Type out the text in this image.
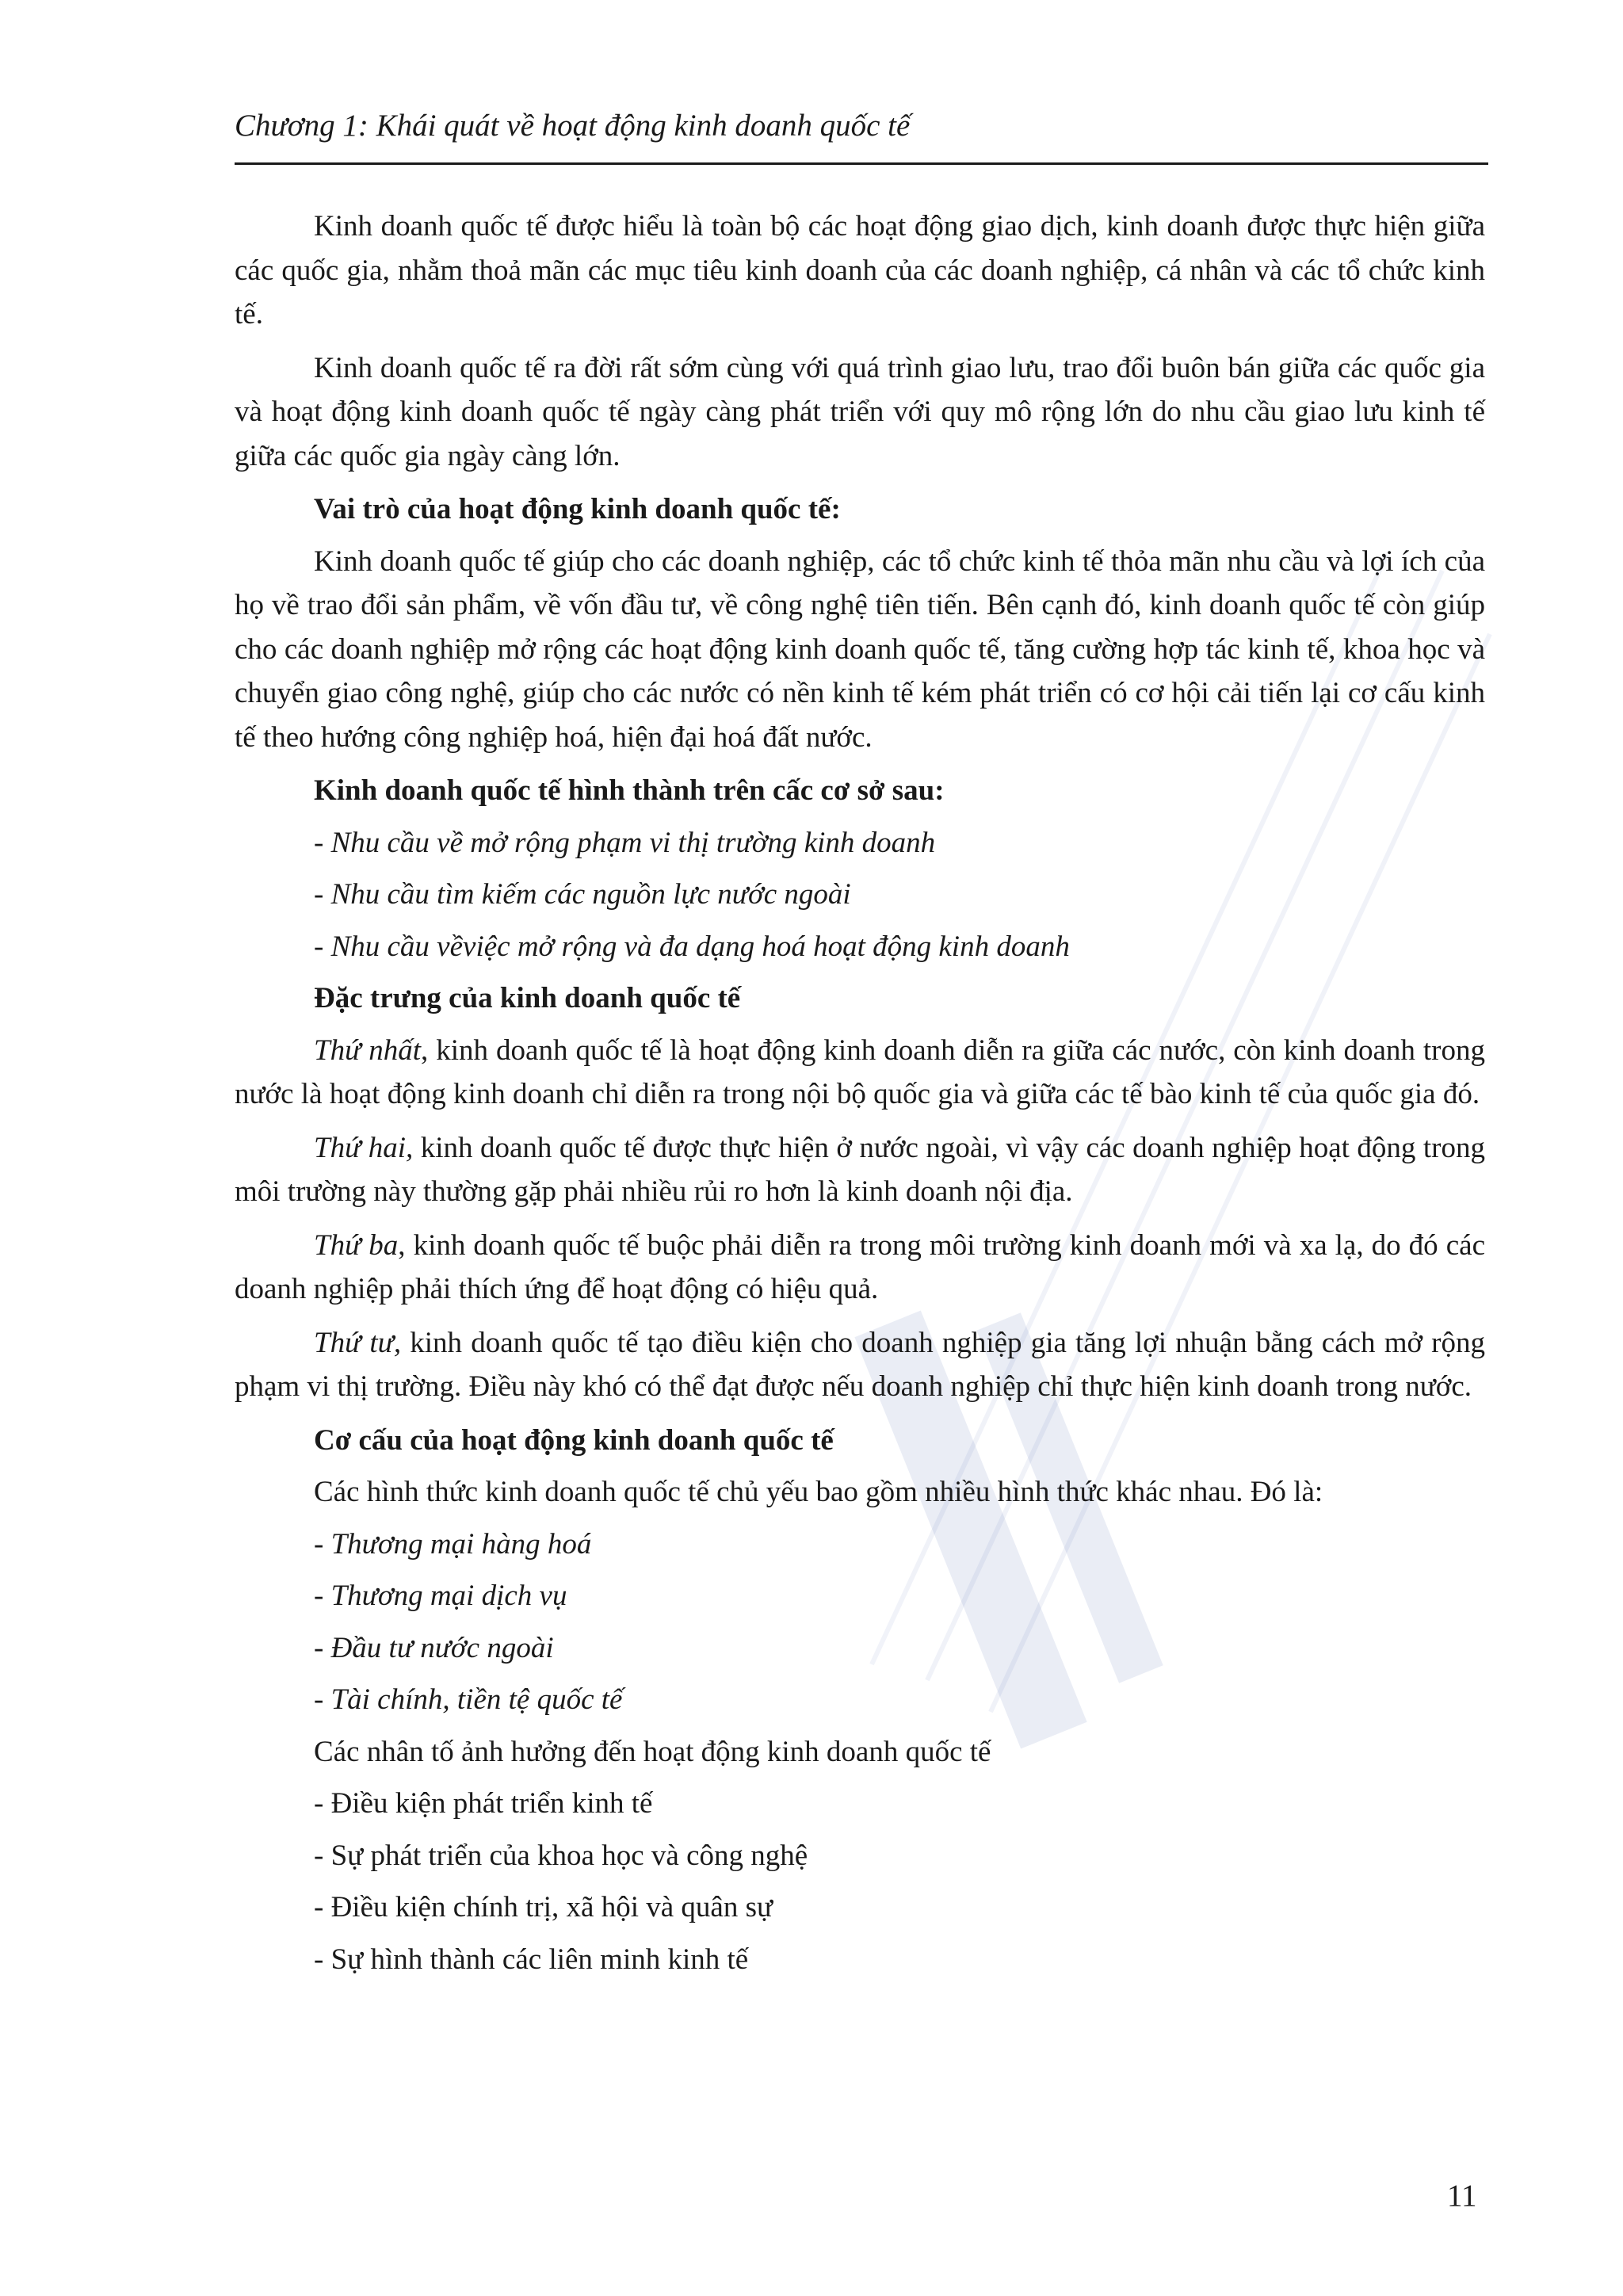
Chương 1: Khái quát về hoạt động kinh doanh quốc tế

Kinh doanh quốc tế được hiểu là toàn bộ các hoạt động giao dịch, kinh doanh được thực hiện giữa các quốc gia, nhằm thoả mãn các mục tiêu kinh doanh của các doanh nghiệp, cá nhân và các tổ chức kinh tế.

Kinh doanh quốc tế ra đời rất sớm cùng với quá trình giao lưu, trao đổi buôn bán giữa các quốc gia và hoạt động kinh doanh quốc tế ngày càng phát triển với quy mô rộng lớn do nhu cầu giao lưu kinh tế giữa các quốc gia ngày càng lớn.

Vai trò của hoạt động kinh doanh quốc tế:

Kinh doanh quốc tế giúp cho các doanh nghiệp, các tổ chức kinh tế thỏa mãn nhu cầu và lợi ích của họ về trao đổi sản phẩm, về vốn đầu tư, về công nghệ tiên tiến. Bên cạnh đó, kinh doanh quốc tế còn giúp cho các doanh nghiệp mở rộng các hoạt động kinh doanh quốc tế, tăng cường hợp tác kinh tế, khoa học và chuyển giao công nghệ, giúp cho các nước có nền kinh tế kém phát triển có cơ hội cải tiến lại cơ cấu kinh tế theo hướng công nghiệp hoá, hiện đại hoá đất nước.

Kinh doanh quốc tế hình thành trên cấc cơ sở sau:

- Nhu cầu về mở rộng phạm vi thị trường kinh doanh

- Nhu cầu tìm kiếm các nguồn lực nước ngoài

- Nhu cầu vềviệc mở rộng và đa dạng hoá hoạt động kinh doanh

Đặc trưng của kinh doanh quốc tế

Thứ nhất, kinh doanh quốc tế là hoạt động kinh doanh diễn ra giữa các nước, còn kinh doanh trong nước là hoạt động kinh doanh chỉ diễn ra trong nội bộ quốc gia và giữa các tế bào kinh tế của quốc gia đó.

Thứ hai, kinh doanh quốc tế được thực hiện ở nước ngoài, vì vậy các doanh nghiệp hoạt động trong môi trường này thường gặp phải nhiều rủi ro hơn là kinh doanh nội địa.

Thứ ba, kinh doanh quốc tế buộc phải diễn ra trong môi trường kinh doanh mới và xa lạ, do đó các doanh nghiệp phải thích ứng để hoạt động có hiệu quả.

Thứ tư, kinh doanh quốc tế tạo điều kiện cho doanh nghiệp gia tăng lợi nhuận bằng cách mở rộng phạm vi thị trường. Điều này khó có thể đạt được nếu doanh nghiệp chỉ thực hiện kinh doanh trong nước.

Cơ cấu của hoạt động kinh doanh quốc tế

Các hình thức kinh doanh quốc tế chủ yếu bao gồm nhiều hình thức khác nhau. Đó là:

- Thương mại hàng hoá

- Thương mại dịch vụ

- Đầu tư nước ngoài

- Tài chính, tiền tệ quốc tế

Các nhân tố ảnh hưởng đến hoạt động kinh doanh quốc tế

- Điều kiện phát triển kinh tế

- Sự phát triển của khoa học và công nghệ

- Điều kiện chính trị, xã hội và quân sự

- Sự hình thành các liên minh kinh tế

11
